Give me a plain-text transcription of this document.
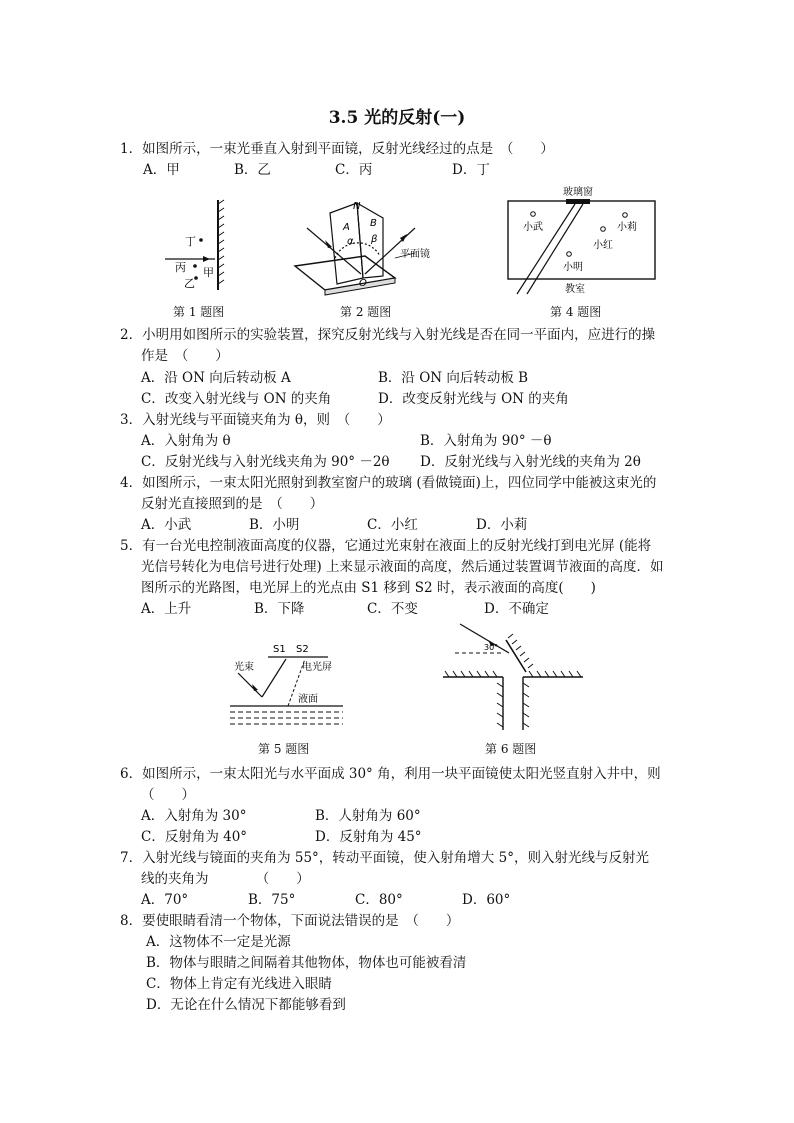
3.5 光的反射(一)
1．如图所示，一束光垂直入射到平面镜，反射光线经过的点是　（　　）
A．甲	B．乙	C．丙	D．丁
丁
丙 甲
乙
第 1 题图
N
A B
α β
O
平面镜
第 2 题图
玻璃窗
小武	小莉
小红
小明
教室
第 4 题图
2．小明用如图所示的实验装置，探究反射光线与入射光线是否在同一平面内，应进行的操
作是　（　　）
A．沿 ON 向后转动板 A	B．沿 ON 向后转动板 B
C．改变入射光线与 ON 的夹角	D．改变反射光线与 ON 的夹角
3．入射光线与平面镜夹角为 θ，则　（　　）
A．入射角为 θ	B．入射角为 90° －θ
C．反射光线与入射光线夹角为 90° －2θ D．反射光线与入射光线的夹角为 2θ
4．如图所示，一束太阳光照射到教室窗户的玻璃 (看做镜面)上，四位同学中能被这束光的
反射光直接照到的是　（　　）
A．小武	B．小明	C．小红	D．小莉
5．有一台光电控制液面高度的仪器，它通过光束射在液面上的反射光线打到电光屏 (能将
光信号转化为电信号进行处理) 上来显示液面的高度，然后通过装置调节液面的高度．如
图所示的光路图，电光屏上的光点由 S1 移到 S2 时，表示液面的高度(　　)
A．上升	B．下降	C．不变	D．不确定
S1 S2
光束	电光屏
液面
第 5 题图
30°
第 6 题图
6．如图所示，一束太阳光与水平面成 30° 角，利用一块平面镜使太阳光竖直射入井中，则
（　　）
A．入射角为 30°	B．人射角为 60°
C．反射角为 40°	D．反射角为 45°
7．入射光线与镜面的夹角为 55°，转动平面镜，使入射角增大 5°，则入射光线与反射光
线的夹角为　　　　（　　）
A．70°	B．75°	C．80°	D．60°
8．要使眼睛看清一个物体，下面说法错误的是　（　　）
A．这物体不一定是光源
B．物体与眼睛之间隔着其他物体，物体也可能被看清
C．物体上肯定有光线进入眼睛
D．无论在什么情况下都能够看到
